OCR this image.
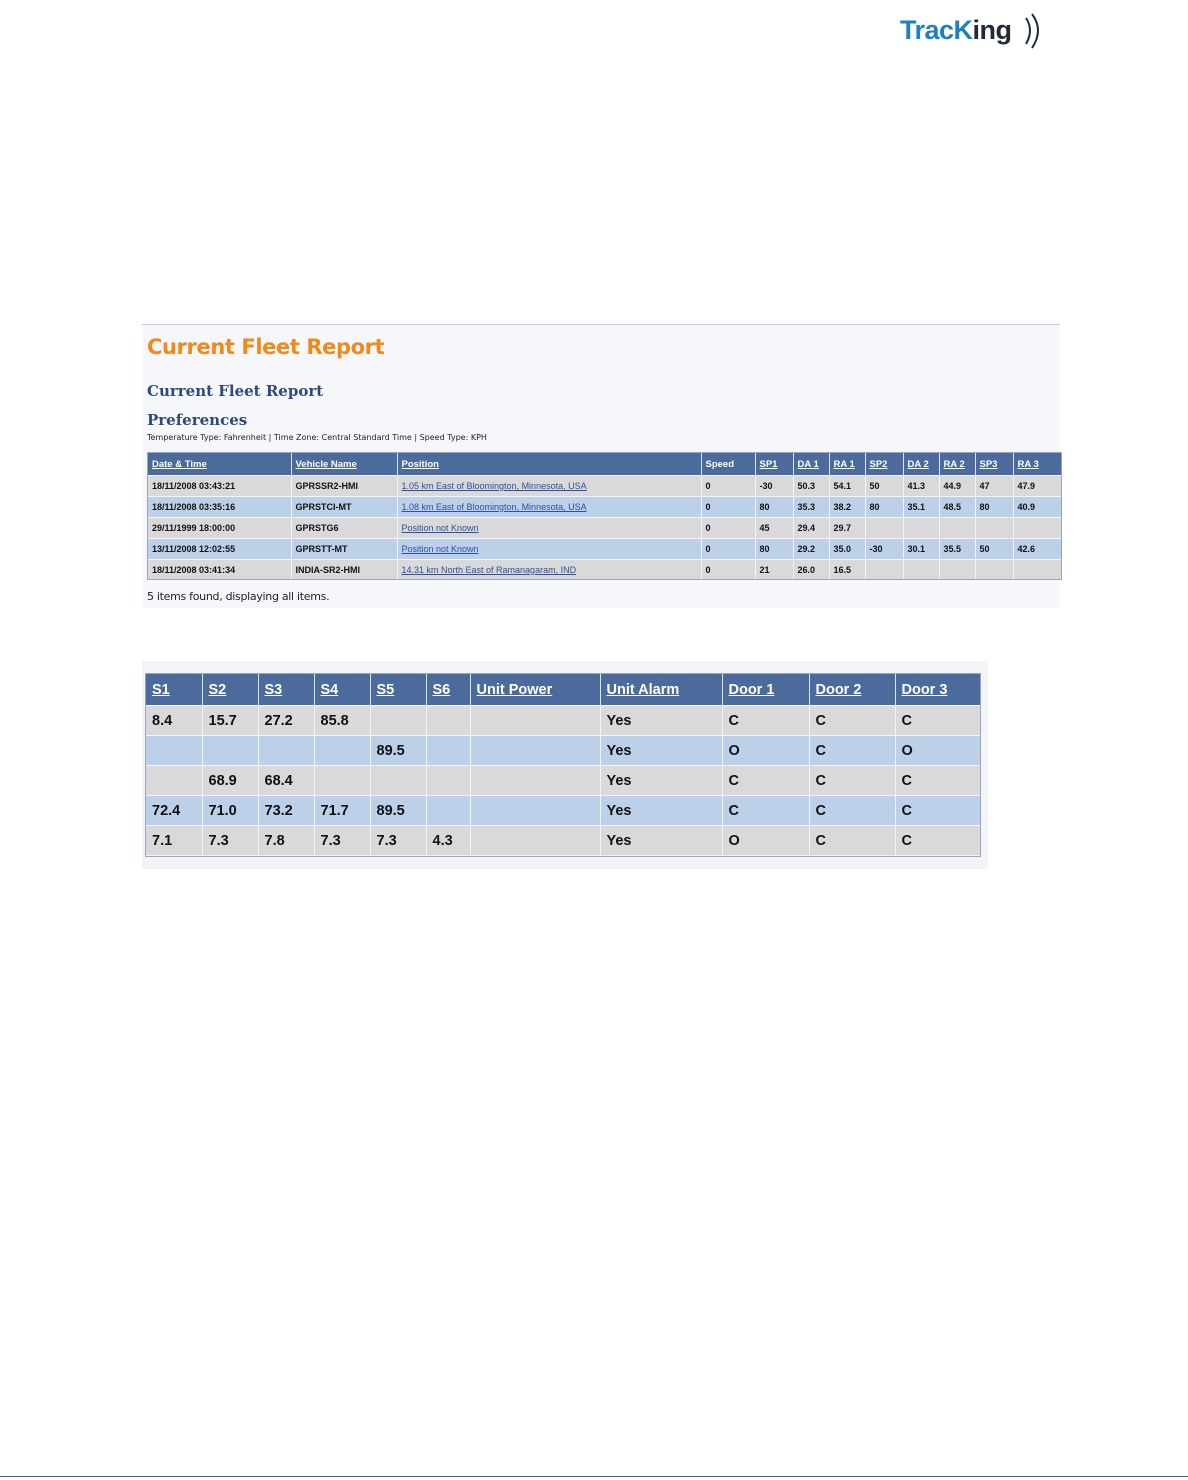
TracKing
Current Fleet Report
Current Fleet Report
Preferences

Temperature Type: Fahrenheit | Time Zone: Central Standard Time | Speed Type: KPH

Date & Time	Vehicle Name	Position	Speed	SP1	DA 1	RA 1	SP2	DA 2	RA 2	SP3	RA 3
18/11/2008 03:43:21	GPRSSR2-HMI	1.05 km East of Bloomington, Minnesota, USA	0	-30	50.3	54.1	50	41.3	44.9	47	47.9
18/11/2008 03:35:16	GPRSTCI-MT	1.08 km East of Bloomington, Minnesota, USA	0	80	35.3	38.2	80	35.1	48.5	80	40.9
29/11/1999 18:00:00	GPRSTG6	Position not Known	0	45	29.4	29.7					
13/11/2008 12:02:55	GPRSTT-MT	Position not Known	0	80	29.2	35.0	-30	30.1	35.5	50	42.6
18/11/2008 03:41:34	INDIA-SR2-HMI	14.31 km North East of Ramanagaram, IND	0	21	26.0	16.5					

5 items found, displaying all items.

S1	S2	S3	S4	S5	S6	Unit Power	Unit Alarm	Door 1	Door 2	Door 3
8.4	15.7	27.2	85.8				Yes	C	C	C
				89.5			Yes	O	C	O
	68.9	68.4					Yes	C	C	C
72.4	71.0	73.2	71.7	89.5			Yes	C	C	C
7.1	7.3	7.8	7.3	7.3	4.3		Yes	O	C	C
